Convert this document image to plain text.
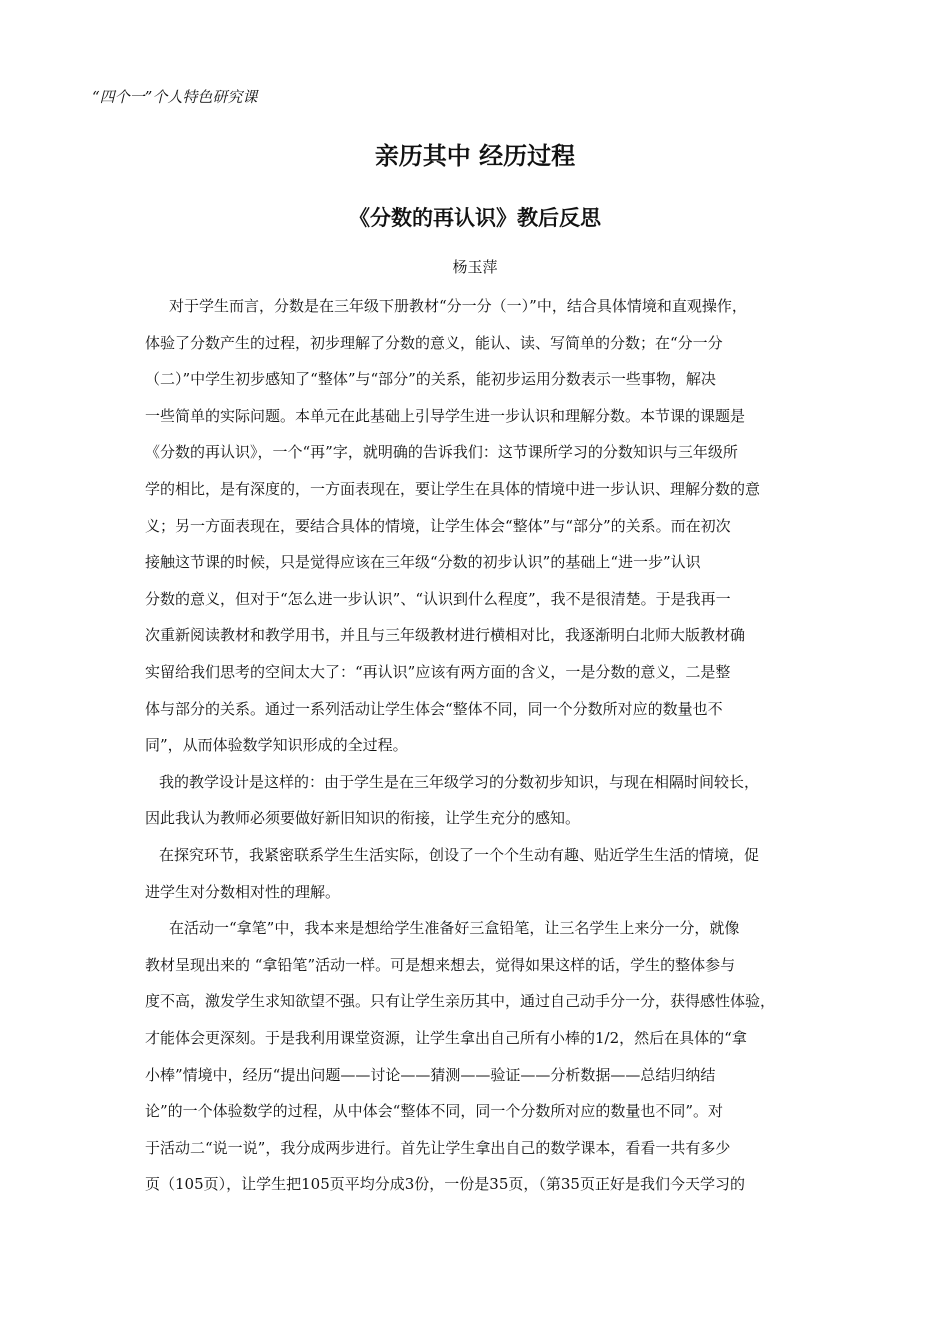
“四个一”个人特色研究课
亲历其中 经历过程
《分数的再认识》教后反思
杨玉萍
对于学生而言，分数是在三年级下册教材“分一分（一）”中，结合具体情境和直观操作，
体验了分数产生的过程，初步理解了分数的意义，能认、读、写简单的分数；在“分一分
（二）”中学生初步感知了“整体”与“部分”的关系，能初步运用分数表示一些事物，解决
一些简单的实际问题。本单元在此基础上引导学生进一步认识和理解分数。本节课的课题是
《分数的再认识》，一个“再”字，就明确的告诉我们：这节课所学习的分数知识与三年级所
学的相比，是有深度的，一方面表现在，要让学生在具体的情境中进一步认识、理解分数的意
义；另一方面表现在，要结合具体的情境，让学生体会“整体”与“部分”的关系。而在初次
接触这节课的时候，只是觉得应该在三年级“分数的初步认识”的基础上“进一步”认识
分数的意义，但对于“怎么进一步认识”、“认识到什么程度”，我不是很清楚。于是我再一
次重新阅读教材和教学用书，并且与三年级教材进行横相对比，我逐渐明白北师大版教材确
实留给我们思考的空间太大了：“再认识”应该有两方面的含义，一是分数的意义，二是整
体与部分的关系。通过一系列活动让学生体会“整体不同，同一个分数所对应的数量也不
同”，从而体验数学知识形成的全过程。
我的教学设计是这样的：由于学生是在三年级学习的分数初步知识，与现在相隔时间较长，
因此我认为教师必须要做好新旧知识的衔接，让学生充分的感知。
在探究环节，我紧密联系学生生活实际，创设了一个个生动有趣、贴近学生生活的情境，促
进学生对分数相对性的理解。
在活动一“拿笔”中，我本来是想给学生准备好三盒铅笔，让三名学生上来分一分，就像
教材呈现出来的 “拿铅笔”活动一样。可是想来想去，觉得如果这样的话，学生的整体参与
度不高，激发学生求知欲望不强。只有让学生亲历其中，通过自己动手分一分，获得感性体验，
才能体会更深刻。于是我利用课堂资源，让学生拿出自己所有小棒的1/2，然后在具体的“拿
小棒”情境中，经历“提出问题——讨论——猜测——验证——分析数据——总结归纳结
论”的一个体验数学的过程，从中体会“整体不同，同一个分数所对应的数量也不同”。对
于活动二“说一说”，我分成两步进行。首先让学生拿出自己的数学课本，看看一共有多少
页（105页），让学生把105页平均分成3份，一份是35页，（第35页正好是我们今天学习的
